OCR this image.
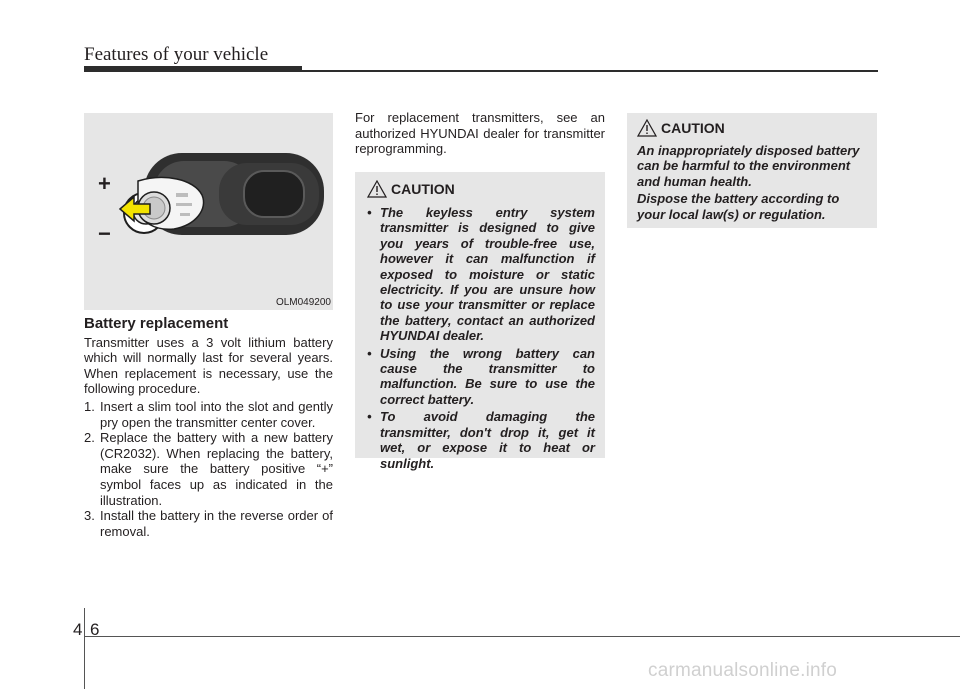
Features of your vehicle
+
−
OLM049200
Battery replacement

Transmitter uses a 3 volt lithium battery which will normally last for several years. When replacement is necessary, use the following procedure.

1. Insert a slim tool into the slot and gently pry open the transmitter center cover.
2. Replace the battery with a new battery (CR2032). When replacing the battery, make sure the battery positive “+” symbol faces up as indicated in the illustration.
3. Install the battery in the reverse order of removal.

For replacement transmitters, see an authorized HYUNDAI dealer for transmitter reprogramming.

CAUTION
• The keyless entry system transmitter is designed to give you years of trouble-free use, however it can malfunction if exposed to moisture or static electricity. If you are unsure how to use your transmitter or replace the battery, contact an authorized HYUNDAI dealer.
• Using the wrong battery can cause the transmitter to malfunction. Be sure to use the correct battery.
• To avoid damaging the transmitter, don't drop it, get it wet, or expose it to heat or sunlight.
CAUTION

An inappropriately disposed battery can be harmful to the environment and human health.

Dispose the battery according to your local law(s) or regulation.

4 6
carmanualsonline.info
